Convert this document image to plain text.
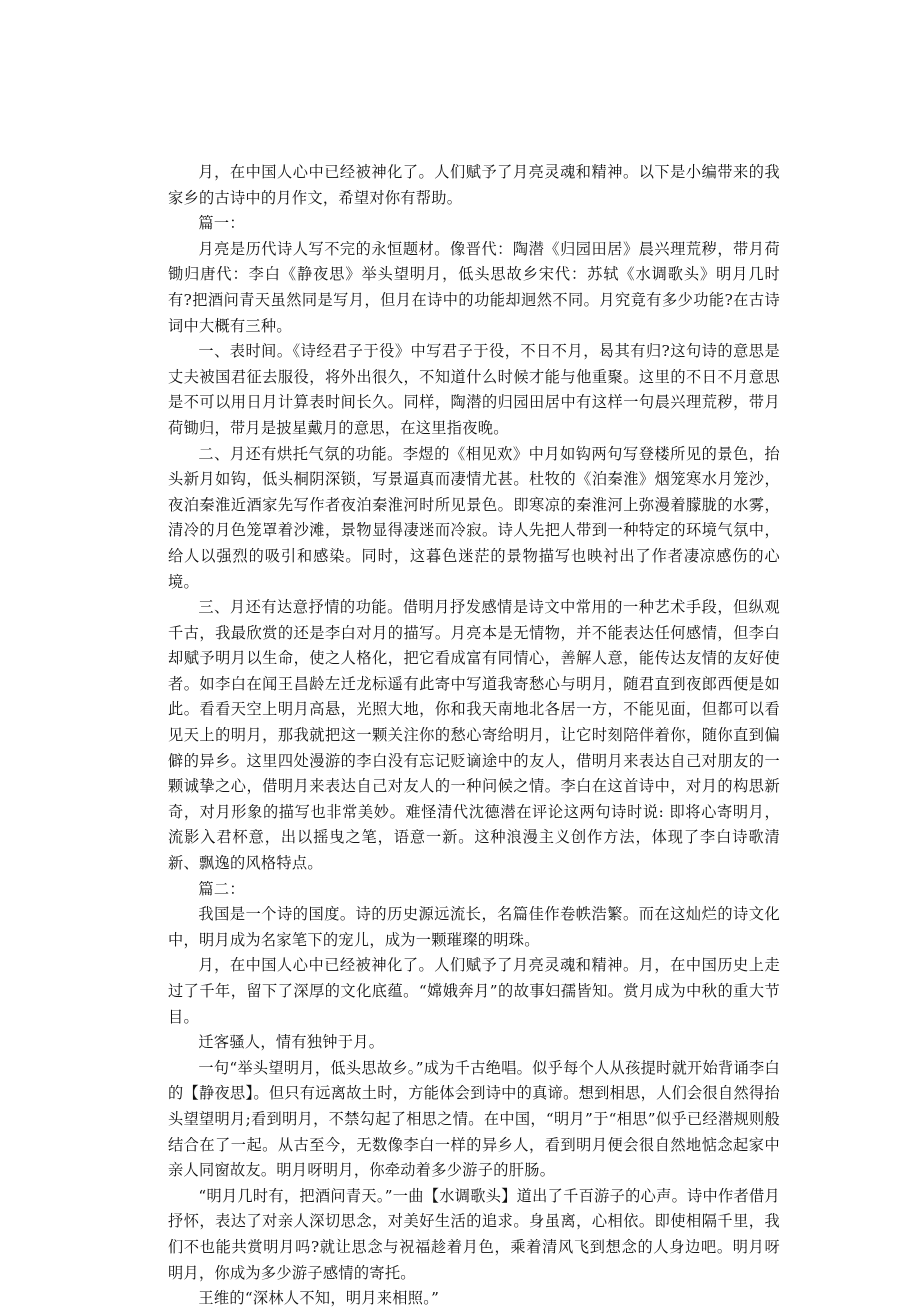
月，在中国人心中已经被神化了。人们赋予了月亮灵魂和精神。以下是小编带来的我家乡的古诗中的月作文，希望对你有帮助。

篇一：

月亮是历代诗人写不完的永恒题材。像晋代：陶潜《归园田居》晨兴理荒秽，带月荷锄归唐代：李白《静夜思》举头望明月，低头思故乡宋代：苏轼《水调歌头》明月几时有?把酒问青天虽然同是写月，但月在诗中的功能却迥然不同。月究竟有多少功能?在古诗词中大概有三种。

一、表时间。《诗经君子于役》中写君子于役，不日不月，曷其有归?这句诗的意思是丈夫被国君征去服役，将外出很久，不知道什么时候才能与他重聚。这里的不日不月意思是不可以用日月计算表时间长久。同样，陶潜的归园田居中有这样一句晨兴理荒秽，带月荷锄归，带月是披星戴月的意思，在这里指夜晚。

二、月还有烘托气氛的功能。李煜的《相见欢》中月如钩两句写登楼所见的景色，抬头新月如钩，低头桐阴深锁，写景逼真而凄情尤甚。杜牧的《泊秦淮》烟笼寒水月笼沙，夜泊秦淮近酒家先写作者夜泊秦淮河时所见景色。即寒凉的秦淮河上弥漫着朦胧的水雾，清冷的月色笼罩着沙滩，景物显得凄迷而冷寂。诗人先把人带到一种特定的环境气氛中，给人以强烈的吸引和感染。同时，这暮色迷茫的景物描写也映衬出了作者凄凉感伤的心境。

三、月还有达意抒情的功能。借明月抒发感情是诗文中常用的一种艺术手段，但纵观千古，我最欣赏的还是李白对月的描写。月亮本是无情物，并不能表达任何感情，但李白却赋予明月以生命，使之人格化，把它看成富有同情心，善解人意，能传达友情的友好使者。如李白在闻王昌龄左迁龙标遥有此寄中写道我寄愁心与明月，随君直到夜郎西便是如此。看看天空上明月高悬，光照大地，你和我天南地北各居一方，不能见面，但都可以看见天上的明月，那我就把这一颗关注你的愁心寄给明月，让它时刻陪伴着你，随你直到偏僻的异乡。这里四处漫游的李白没有忘记贬谪途中的友人，借明月来表达自己对朋友的一颗诚挚之心，借明月来表达自己对友人的一种问候之情。李白在这首诗中，对月的构思新奇，对月形象的描写也非常美妙。难怪清代沈德潜在评论这两句诗时说: 即将心寄明月，流影入君杯意，出以摇曳之笔，语意一新。这种浪漫主义创作方法，体现了李白诗歌清新、飘逸的风格特点。

篇二：

我国是一个诗的国度。诗的历史源远流长，名篇佳作卷帙浩繁。而在这灿烂的诗文化中，明月成为名家笔下的宠儿，成为一颗璀璨的明珠。

月，在中国人心中已经被神化了。人们赋予了月亮灵魂和精神。月，在中国历史上走过了千年，留下了深厚的文化底蕴。“嫦娥奔月”的故事妇孺皆知。赏月成为中秋的重大节目。

迁客骚人，情有独钟于月。

一句“举头望明月，低头思故乡。”成为千古绝唱。似乎每个人从孩提时就开始背诵李白的【静夜思】。但只有远离故土时，方能体会到诗中的真谛。想到相思，人们会很自然得抬头望望明月;看到明月，不禁勾起了相思之情。在中国，“明月”于“相思”似乎已经潜规则般结合在了一起。从古至今，无数像李白一样的异乡人，看到明月便会很自然地惦念起家中亲人同窗故友。明月呀明月，你牵动着多少游子的肝肠。

“明月几时有，把酒问青天。”一曲【水调歌头】道出了千百游子的心声。诗中作者借月抒怀，表达了对亲人深切思念，对美好生活的追求。身虽离，心相依。即使相隔千里，我们不也能共赏明月吗?就让思念与祝福趁着月色，乘着清风飞到想念的人身边吧。明月呀明月，你成为多少游子感情的寄托。

王维的“深林人不知，明月来相照。”
